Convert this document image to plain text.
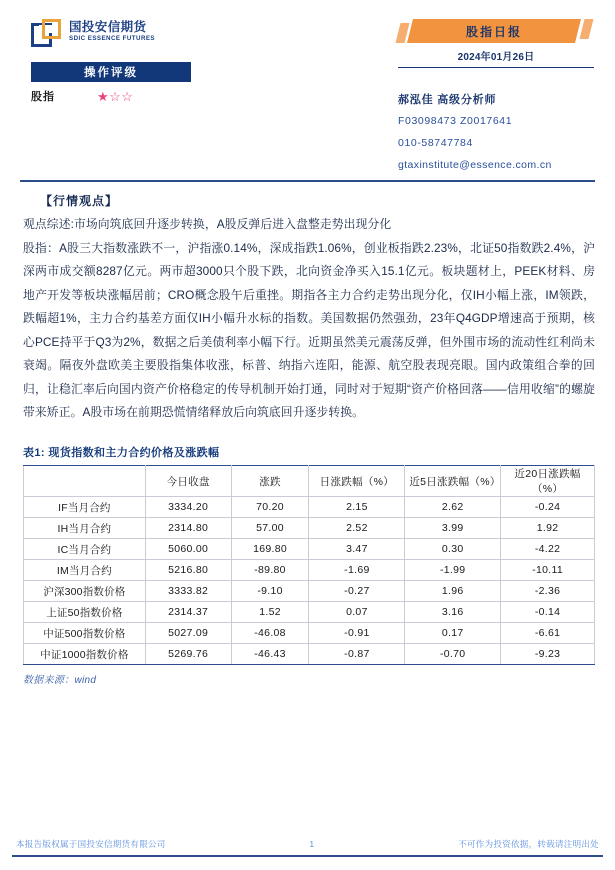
国投安信期货
SDIC ESSENCE FUTURES
操作评级
股指	★☆☆
股指日报
2024年01月26日
郝泓佳 高级分析师
F03098473 Z0017641
010-58747784
gtaxinstitute@essence.com.cn
【行情观点】

观点综述:市场向筑底回升逐步转换，A股反弹后进入盘整走势出现分化

股指：A股三大指数涨跌不一，沪指涨0.14%，深成指跌1.06%，创业板指跌2.23%，北证50指数跌2.4%，沪深两市成交额8287亿元。两市超3000只个股下跌，北向资金净买入15.1亿元。板块题材上，PEEK材料、房地产开发等板块涨幅居前；CRO概念股午后重挫。期指各主力合约走势出现分化，仅IH小幅上涨，IM领跌，跌幅超1%，主力合约基差方面仅IH小幅升水标的指数。美国数据仍然强劲，23年Q4GDP增速高于预期，核心PCE持平于Q3为2%，数据之后美债利率小幅下行。近期虽然美元震荡反弹，但外围市场的流动性红利尚未衰竭。隔夜外盘欧美主要股指集体收涨，标普、纳指六连阳，能源、航空股表现亮眼。国内政策组合拳的回归，让稳汇率后向国内资产价格稳定的传导机制开始打通，同时对于短期“资产价格回落——信用收缩”的螺旋带来矫正。A股市场在前期恐慌情绪释放后向筑底回升逐步转换。

表1: 现货指数和主力合约价格及涨跌幅
	今日收盘	涨跌	日涨跌幅（%）	近5日涨跌幅（%）	近20日涨跌幅（%）
IF当月合约	3334.20	70.20	2.15	2.62	-0.24
IH当月合约	2314.80	57.00	2.52	3.99	1.92
IC当月合约	5060.00	169.80	3.47	0.30	-4.22
IM当月合约	5216.80	-89.80	-1.69	-1.99	-10.11
沪深300指数价格	3333.82	-9.10	-0.27	1.96	-2.36
上证50指数价格	2314.37	1.52	0.07	3.16	-0.14
中证500指数价格	5027.09	-46.08	-0.91	0.17	-6.61
中证1000指数价格	5269.76	-46.43	-0.87	-0.70	-9.23
数据来源：wind
本报告版权属于国投安信期货有限公司	1	不可作为投资依据，转载请注明出处
